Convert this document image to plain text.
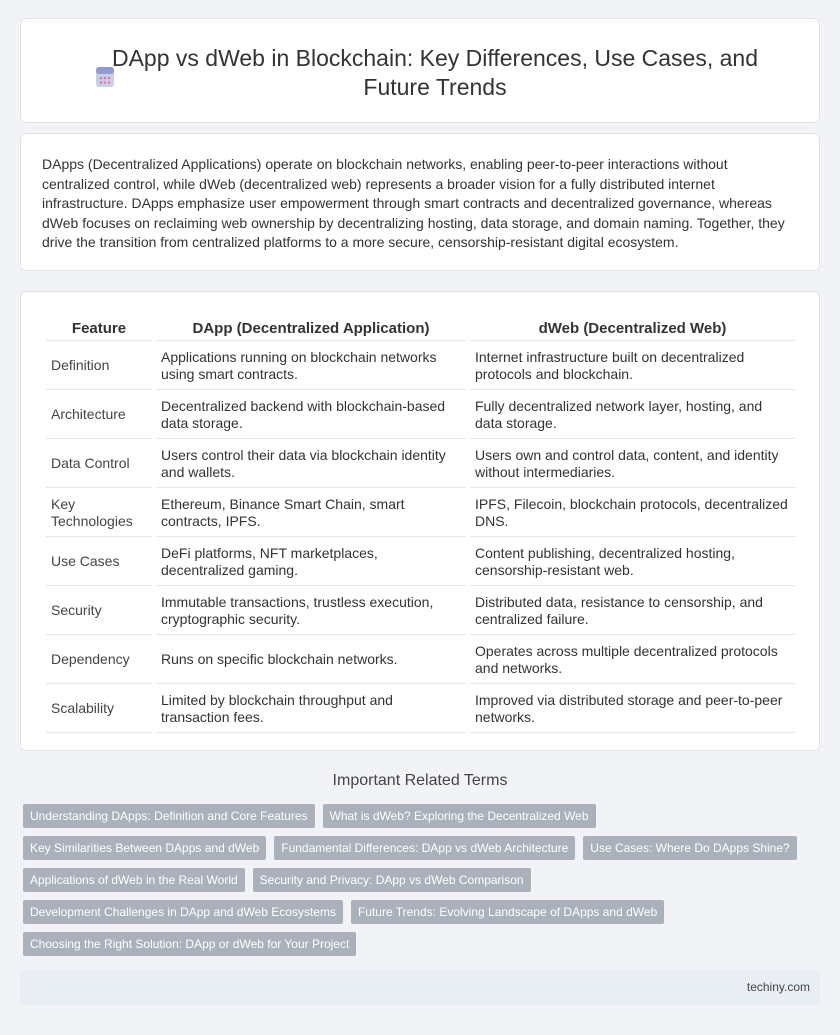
DApp vs dWeb in Blockchain: Key Differences, Use Cases, and Future Trends

DApps (Decentralized Applications) operate on blockchain networks, enabling peer-to-peer interactions without centralized control, while dWeb (decentralized web) represents a broader vision for a fully distributed internet infrastructure. DApps emphasize user empowerment through smart contracts and decentralized governance, whereas dWeb focuses on reclaiming web ownership by decentralizing hosting, data storage, and domain naming. Together, they drive the transition from centralized platforms to a more secure, censorship-resistant digital ecosystem.

Feature	DApp (Decentralized Application)	dWeb (Decentralized Web)
Definition	Applications running on blockchain networks using smart contracts.	Internet infrastructure built on decentralized protocols and blockchain.
Architecture	Decentralized backend with blockchain-based data storage.	Fully decentralized network layer, hosting, and data storage.
Data Control	Users control their data via blockchain identity and wallets.	Users own and control data, content, and identity without intermediaries.
Key Technologies	Ethereum, Binance Smart Chain, smart contracts, IPFS.	IPFS, Filecoin, blockchain protocols, decentralized DNS.
Use Cases	DeFi platforms, NFT marketplaces, decentralized gaming.	Content publishing, decentralized hosting, censorship-resistant web.
Security	Immutable transactions, trustless execution, cryptographic security.	Distributed data, resistance to censorship, and centralized failure.
Dependency	Runs on specific blockchain networks.	Operates across multiple decentralized protocols and networks.
Scalability	Limited by blockchain throughput and transaction fees.	Improved via distributed storage and peer-to-peer networks.
Important Related Terms
Understanding DApps: Definition and Core Features	What is dWeb? Exploring the Decentralized Web
Key Similarities Between DApps and dWeb	Fundamental Differences: DApp vs dWeb Architecture	Use Cases: Where Do DApps Shine?
Applications of dWeb in the Real World	Security and Privacy: DApp vs dWeb Comparison
Development Challenges in DApp and dWeb Ecosystems	Future Trends: Evolving Landscape of DApps and dWeb
Choosing the Right Solution: DApp or dWeb for Your Project
techiny.com
